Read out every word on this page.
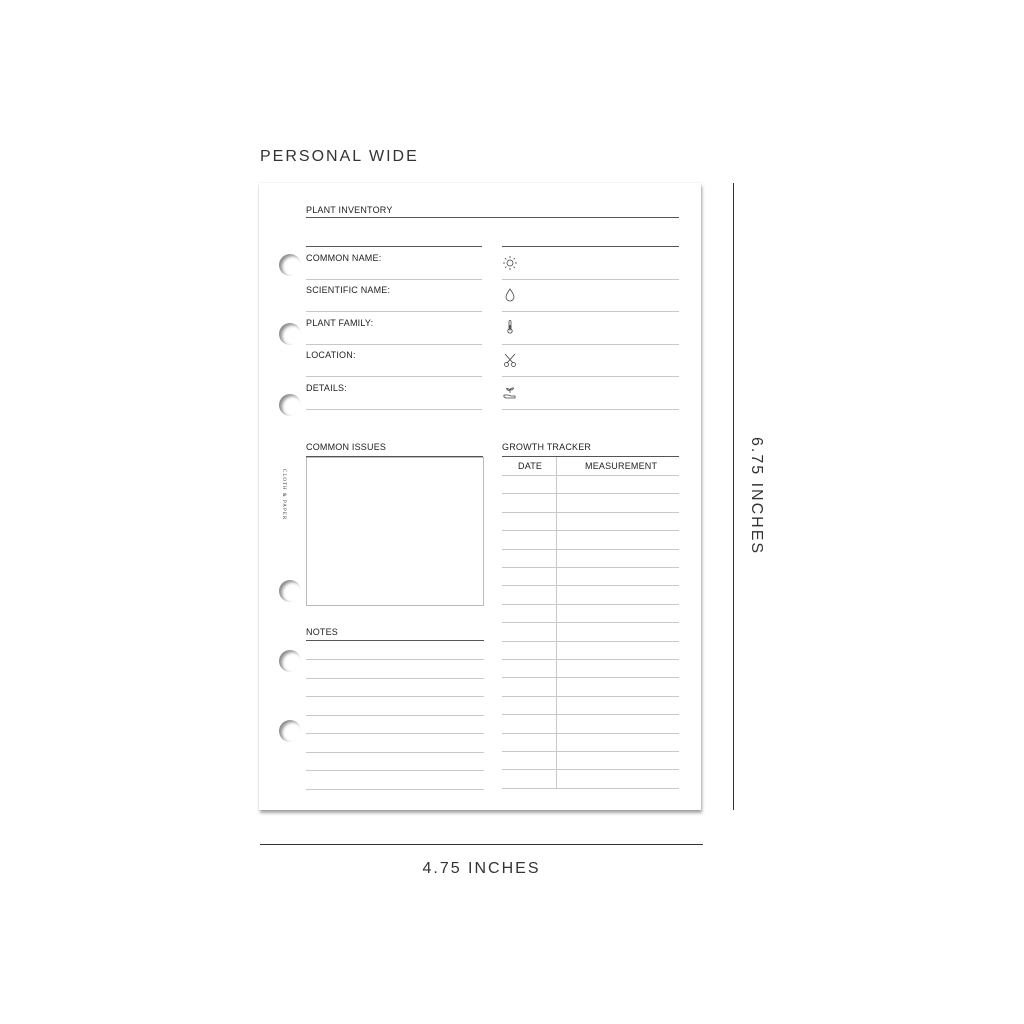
PERSONAL WIDE
CLOTH & PAPER
PLANT INVENTORY
COMMON NAME:
SCIENTIFIC NAME:
PLANT FAMILY:
LOCATION:
DETAILS:
COMMON ISSUES	GROWTH TRACKER
DATE	MEASUREMENT
NOTES
4.75 INCHES
6.75 INCHES
